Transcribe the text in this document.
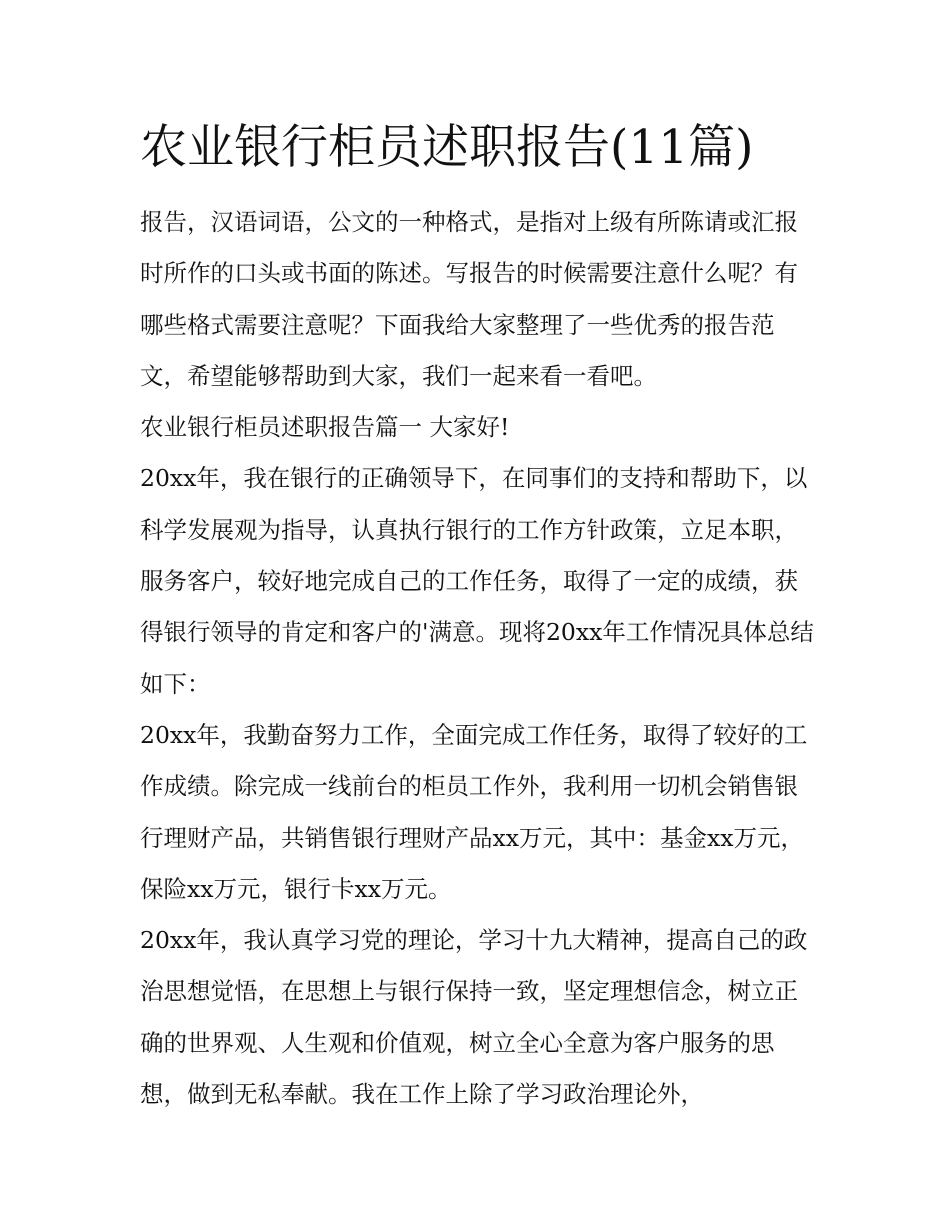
农业银行柜员述职报告(11篇)

报告，汉语词语，公文的一种格式，是指对上级有所陈请或汇报时所作的口头或书面的陈述。写报告的时候需要注意什么呢？有哪些格式需要注意呢？下面我给大家整理了一些优秀的报告范文，希望能够帮助到大家，我们一起来看一看吧。

农业银行柜员述职报告篇一 大家好!

20xx年，我在银行的正确领导下，在同事们的支持和帮助下，以科学发展观为指导，认真执行银行的工作方针政策，立足本职，服务客户，较好地完成自己的工作任务，取得了一定的成绩，获得银行领导的肯定和客户的'满意。现将20xx年工作情况具体总结如下：

20xx年，我勤奋努力工作，全面完成工作任务，取得了较好的工作成绩。除完成一线前台的柜员工作外，我利用一切机会销售银行理财产品，共销售银行理财产品xx万元，其中：基金xx万元，保险xx万元，银行卡xx万元。

20xx年，我认真学习党的理论，学习十九大精神，提高自己的政治思想觉悟，在思想上与银行保持一致，坚定理想信念，树立正确的世界观、人生观和价值观，树立全心全意为客户服务的思想，做到无私奉献。我在工作上除了学习政治理论外，
